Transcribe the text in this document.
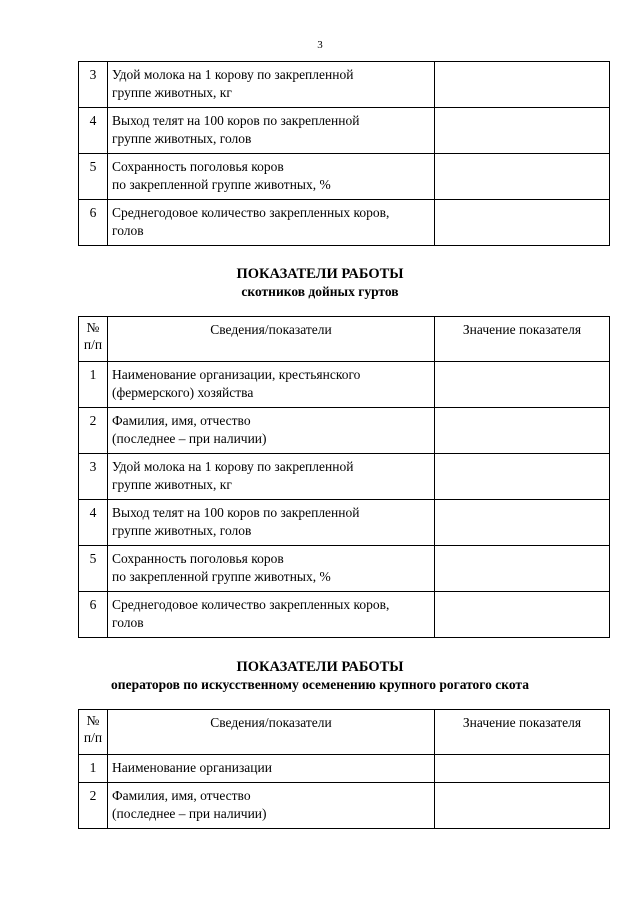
3
3	Удой молока на 1 корову по закрепленной
группе животных, кг	

4	Выход телят на 100 коров по закрепленной
группе животных, голов	

5	Сохранность поголовья коров
по закрепленной группе животных, %	

6	Среднегодовое количество закрепленных коров,
голов	

ПОКАЗАТЕЛИ РАБОТЫ
скотников дойных гуртов
№
п/п	Сведения/показатели	Значение показателя
1	Наименование организации, крестьянского
(фермерского) хозяйства	

2	Фамилия, имя, отчество
(последнее – при наличии)	

3	Удой молока на 1 корову по закрепленной
группе животных, кг	

4	Выход телят на 100 коров по закрепленной
группе животных, голов	

5	Сохранность поголовья коров
по закрепленной группе животных, %	

6	Среднегодовое количество закрепленных коров,
голов	

ПОКАЗАТЕЛИ РАБОТЫ
операторов по искусственному осеменению крупного рогатого скота
№
п/п	Сведения/показатели	Значение показателя
1	Наименование организации	

2	Фамилия, имя, отчество
(последнее – при наличии)	
